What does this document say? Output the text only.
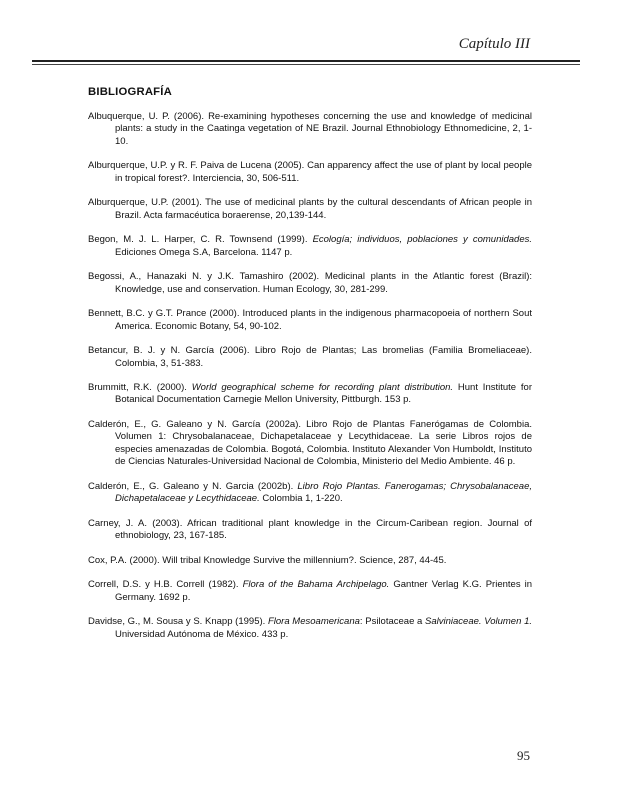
Capítulo III
BIBLIOGRAFÍA

Albuquerque, U. P. (2006). Re-examining hypotheses concerning the use and knowledge of medicinal plants: a study in the Caatinga vegetation of NE Brazil. Journal Ethnobiology Ethnomedicine, 2, 1-10.

Alburquerque, U.P. y R. F. Paiva de Lucena (2005). Can apparency affect the use of plant by local people in tropical forest?. Interciencia, 30, 506-511.

Alburquerque, U.P. (2001). The use of medicinal plants by the cultural descendants of African people in Brazil. Acta farmacéutica boraerense, 20,139-144.

Begon, M. J. L. Harper, C. R. Townsend (1999). Ecología; individuos, poblaciones y comunidades. Ediciones Omega S.A, Barcelona. 1147 p.

Begossi, A., Hanazaki N. y J.K. Tamashiro (2002). Medicinal plants in the Atlantic forest (Brazil): Knowledge, use and conservation. Human Ecology, 30, 281-299.

Bennett, B.C. y G.T. Prance (2000). Introduced plants in the indigenous pharmacopoeia of northern Sout America. Economic Botany, 54, 90-102.

Betancur, B. J. y N. García (2006). Libro Rojo de Plantas; Las bromelias (Familia Bromeliaceae). Colombia, 3, 51-383.

Brummitt, R.K. (2000). World geographical scheme for recording plant distribution. Hunt Institute for Botanical Documentation Carnegie Mellon University, Pittburgh. 153 p.

Calderón, E., G. Galeano y N. García (2002a). Libro Rojo de Plantas Fanerógamas de Colombia. Volumen 1: Chrysobalanaceae, Dichapetalaceae y Lecythidaceae. La serie Libros rojos de especies amenazadas de Colombia. Bogotá, Colombia. Instituto Alexander Von Humboldt, Instituto de Ciencias Naturales-Universidad Nacional de Colombia, Ministerio del Medio Ambiente. 46 p.

Calderón, E., G. Galeano y N. Garcia (2002b). Libro Rojo Plantas. Fanerogamas; Chrysobalanaceae, Dichapetalaceae y Lecythidaceae. Colombia 1, 1-220.

Carney, J. A. (2003). African traditional plant knowledge in the Circum-Caribean region. Journal of ethnobiology, 23, 167-185.

Cox, P.A. (2000). Will tribal Knowledge Survive the millennium?. Science, 287, 44-45.

Correll, D.S. y H.B. Correll (1982). Flora of the Bahama Archipelago. Gantner Verlag K.G. Prientes in Germany. 1692 p.

Davidse, G., M. Sousa y S. Knapp (1995). Flora Mesoamericana: Psilotaceae a Salviniaceae. Volumen 1. Universidad Autónoma de México. 433 p.

95
